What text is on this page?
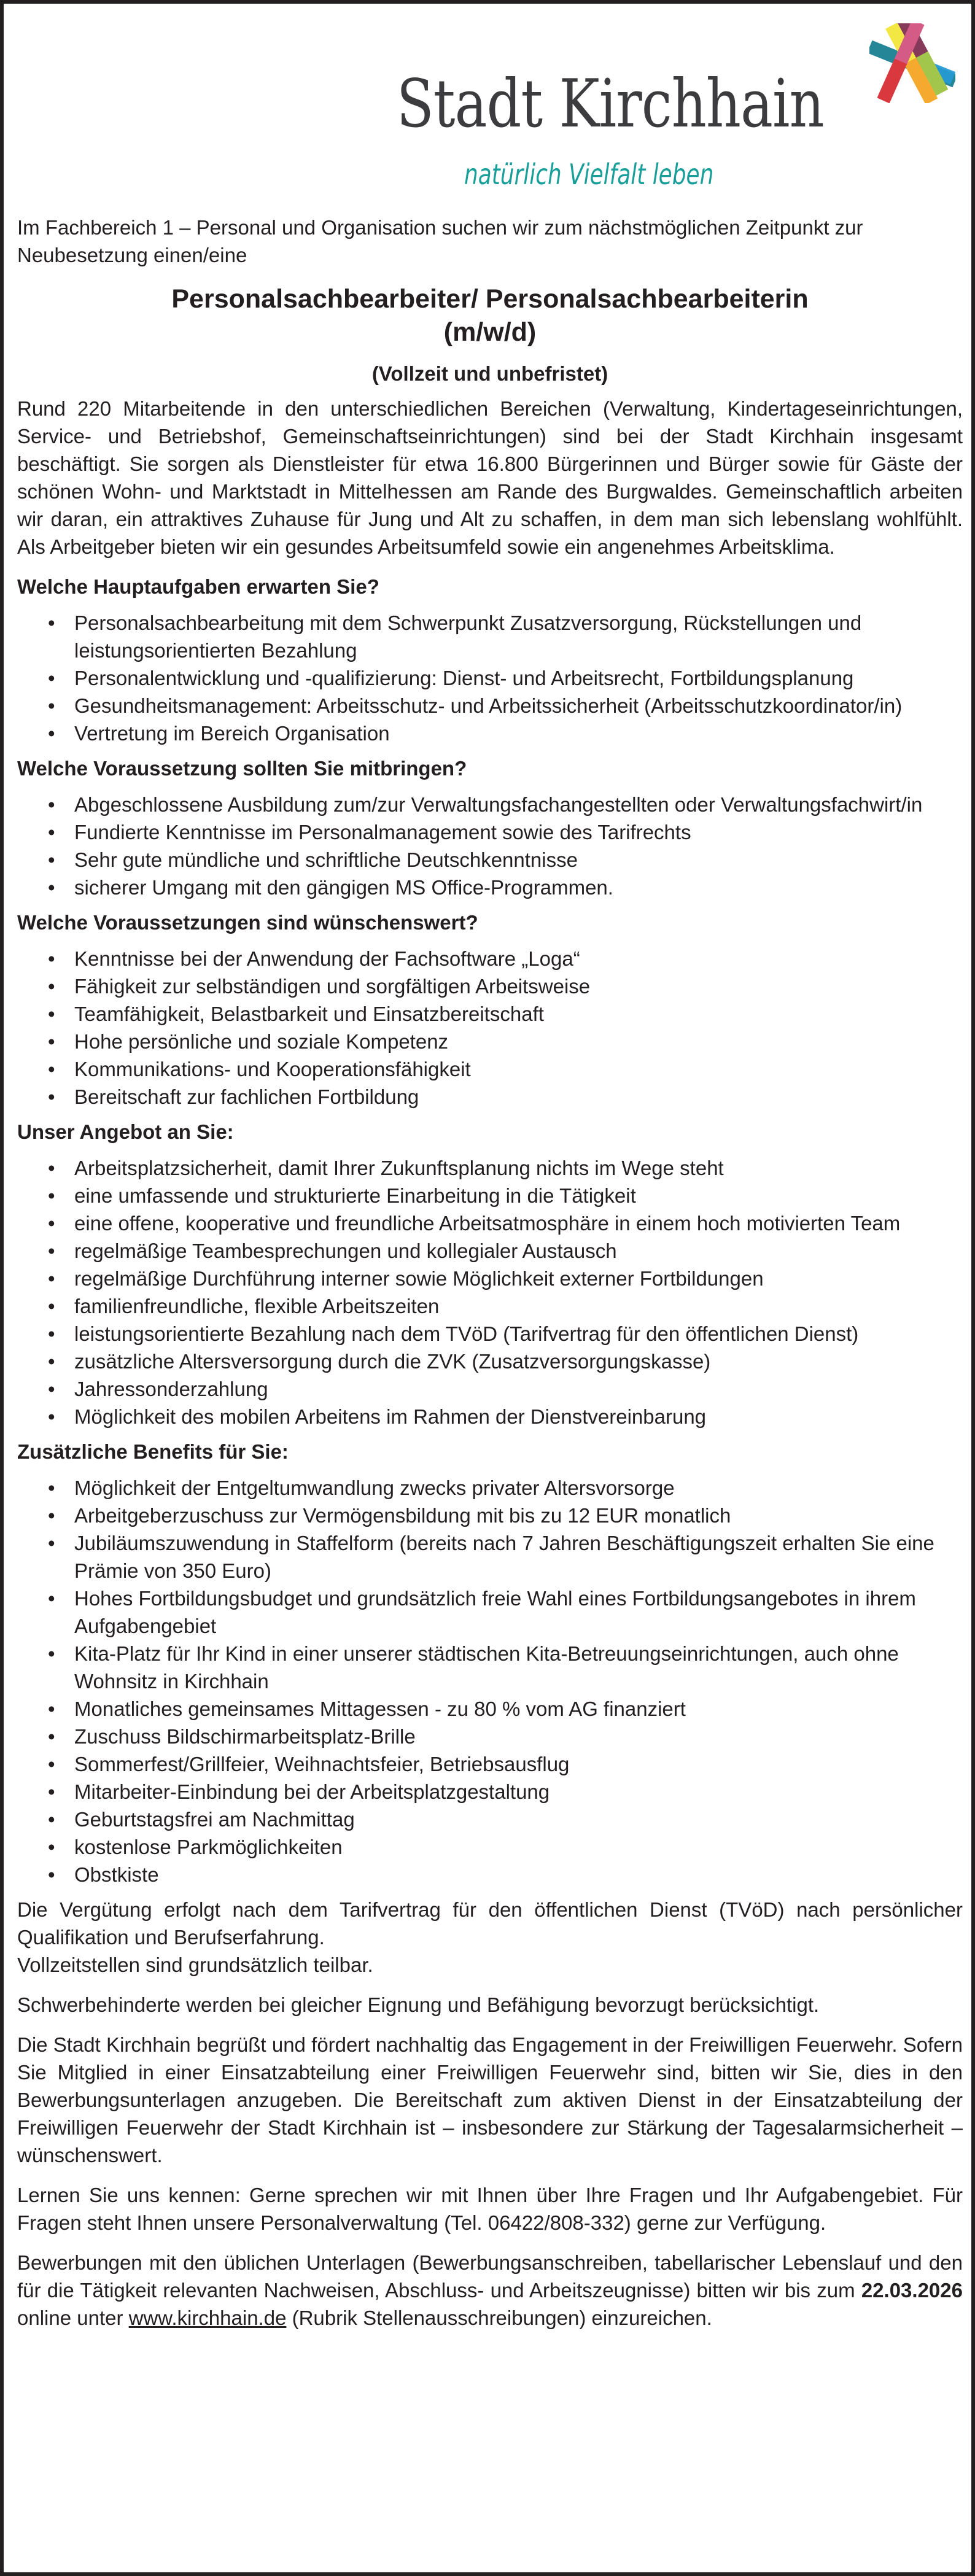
Stadt Kirchhain
natürlich Vielfalt leben

Im Fachbereich 1 – Personal und Organisation suchen wir zum nächstmöglichen Zeitpunkt zur Neubesetzung einen/eine

Personalsachbearbeiter/ Personalsachbearbeiterin
(m/w/d)

(Vollzeit und unbefristet)

Rund 220 Mitarbeitende in den unterschiedlichen Bereichen (Verwaltung, Kindertageseinrichtungen, Service- und Betriebshof, Gemeinschaftseinrichtungen) sind bei der Stadt Kirchhain insgesamt beschäftigt. Sie sorgen als Dienstleister für etwa 16.800 Bürgerinnen und Bürger sowie für Gäste der schönen Wohn- und Marktstadt in Mittelhessen am Rande des Burgwaldes. Gemeinschaftlich arbeiten wir daran, ein attraktives Zuhause für Jung und Alt zu schaffen, in dem man sich lebenslang wohlfühlt. Als Arbeitgeber bieten wir ein gesundes Arbeitsumfeld sowie ein angenehmes Arbeitsklima.

Welche Hauptaufgaben erwarten Sie?

• Personalsachbearbeitung mit dem Schwerpunkt Zusatzversorgung, Rückstellungen und leistungsorientierten Bezahlung
• Personalentwicklung und -qualifizierung: Dienst- und Arbeitsrecht, Fortbildungsplanung
• Gesundheitsmanagement: Arbeitsschutz- und Arbeitssicherheit (Arbeitsschutzkoordinator/in)
• Vertretung im Bereich Organisation

Welche Voraussetzung sollten Sie mitbringen?

• Abgeschlossene Ausbildung zum/zur Verwaltungsfachangestellten oder Verwaltungsfachwirt/in
• Fundierte Kenntnisse im Personalmanagement sowie des Tarifrechts
• Sehr gute mündliche und schriftliche Deutschkenntnisse
• sicherer Umgang mit den gängigen MS Office-Programmen.

Welche Voraussetzungen sind wünschenswert?

• Kenntnisse bei der Anwendung der Fachsoftware „Loga“
• Fähigkeit zur selbständigen und sorgfältigen Arbeitsweise
• Teamfähigkeit, Belastbarkeit und Einsatzbereitschaft
• Hohe persönliche und soziale Kompetenz
• Kommunikations- und Kooperationsfähigkeit
• Bereitschaft zur fachlichen Fortbildung

Unser Angebot an Sie:

• Arbeitsplatzsicherheit, damit Ihrer Zukunftsplanung nichts im Wege steht
• eine umfassende und strukturierte Einarbeitung in die Tätigkeit
• eine offene, kooperative und freundliche Arbeitsatmosphäre in einem hoch motivierten Team
• regelmäßige Teambesprechungen und kollegialer Austausch
• regelmäßige Durchführung interner sowie Möglichkeit externer Fortbildungen
• familienfreundliche, flexible Arbeitszeiten
• leistungsorientierte Bezahlung nach dem TVöD (Tarifvertrag für den öffentlichen Dienst)
• zusätzliche Altersversorgung durch die ZVK (Zusatzversorgungskasse)
• Jahressonderzahlung
• Möglichkeit des mobilen Arbeitens im Rahmen der Dienstvereinbarung

Zusätzliche Benefits für Sie:

• Möglichkeit der Entgeltumwandlung zwecks privater Altersvorsorge
• Arbeitgeberzuschuss zur Vermögensbildung mit bis zu 12 EUR monatlich
• Jubiläumszuwendung in Staffelform (bereits nach 7 Jahren Beschäftigungszeit erhalten Sie eine Prämie von 350 Euro)
• Hohes Fortbildungsbudget und grundsätzlich freie Wahl eines Fortbildungsangebotes in ihrem Aufgabengebiet
• Kita-Platz für Ihr Kind in einer unserer städtischen Kita-Betreuungseinrichtungen, auch ohne Wohnsitz in Kirchhain
• Monatliches gemeinsames Mittagessen - zu 80 % vom AG finanziert
• Zuschuss Bildschirmarbeitsplatz-Brille
• Sommerfest/Grillfeier, Weihnachtsfeier, Betriebsausflug
• Mitarbeiter-Einbindung bei der Arbeitsplatzgestaltung
• Geburtstagsfrei am Nachmittag
• kostenlose Parkmöglichkeiten
• Obstkiste

Die Vergütung erfolgt nach dem Tarifvertrag für den öffentlichen Dienst (TVöD) nach persönlicher Qualifikation und Berufserfahrung.

Vollzeitstellen sind grundsätzlich teilbar.

Schwerbehinderte werden bei gleicher Eignung und Befähigung bevorzugt berücksichtigt.

Die Stadt Kirchhain begrüßt und fördert nachhaltig das Engagement in der Freiwilligen Feuerwehr. Sofern Sie Mitglied in einer Einsatzabteilung einer Freiwilligen Feuerwehr sind, bitten wir Sie, dies in den Bewerbungsunterlagen anzugeben. Die Bereitschaft zum aktiven Dienst in der Einsatzabteilung der Freiwilligen Feuerwehr der Stadt Kirchhain ist – insbesondere zur Stärkung der Tagesalarmsicherheit – wünschenswert.

Lernen Sie uns kennen: Gerne sprechen wir mit Ihnen über Ihre Fragen und Ihr Aufgabengebiet. Für Fragen steht Ihnen unsere Personalverwaltung (Tel. 06422/808-332) gerne zur Verfügung.

Bewerbungen mit den üblichen Unterlagen (Bewerbungsanschreiben, tabellarischer Lebenslauf und den für die Tätigkeit relevanten Nachweisen, Abschluss- und Arbeitszeugnisse) bitten wir bis zum 22.03.2026 online unter www.kirchhain.de (Rubrik Stellenausschreibungen) einzureichen.
